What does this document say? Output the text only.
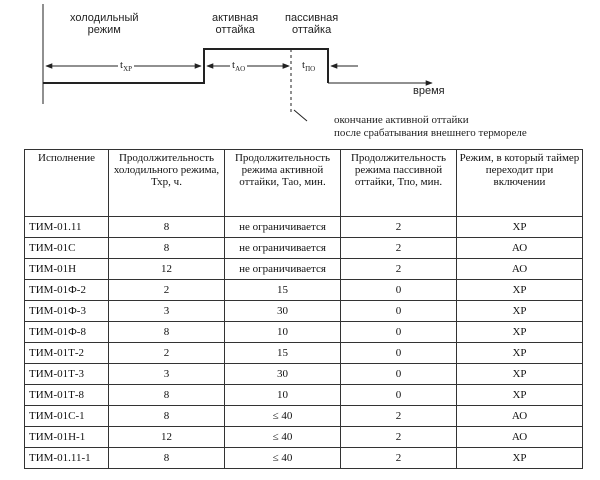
холодильный
режим
активная
оттайка
пассивная
оттайка
$t_{XP}$	$t_{AO}$	$t_{ПО}$
время
окончание активной оттайки
после срабатывания внешнего термореле
Исполнение	Продолжительность холодильного режима, Тхр, ч.	Продолжительность режима активной оттайки, Тао, мин.	Продолжительность режима пассивной оттайки, Тпо, мин.	Режим, в который таймер переходит при включении
ТИМ-01.11	8	не ограничивается	2	ХР
ТИМ-01С	8	не ограничивается	2	АО
ТИМ-01Н	12	не ограничивается	2	АО
ТИМ-01Ф-2	2	15	0	ХР
ТИМ-01Ф-3	3	30	0	ХР
ТИМ-01Ф-8	8	10	0	ХР
ТИМ-01Т-2	2	15	0	ХР
ТИМ-01Т-3	3	30	0	ХР
ТИМ-01Т-8	8	10	0	ХР
ТИМ-01С-1	8	≤ 40	2	АО
ТИМ-01Н-1	12	≤ 40	2	АО
ТИМ-01.11-1	8	≤ 40	2	ХР
